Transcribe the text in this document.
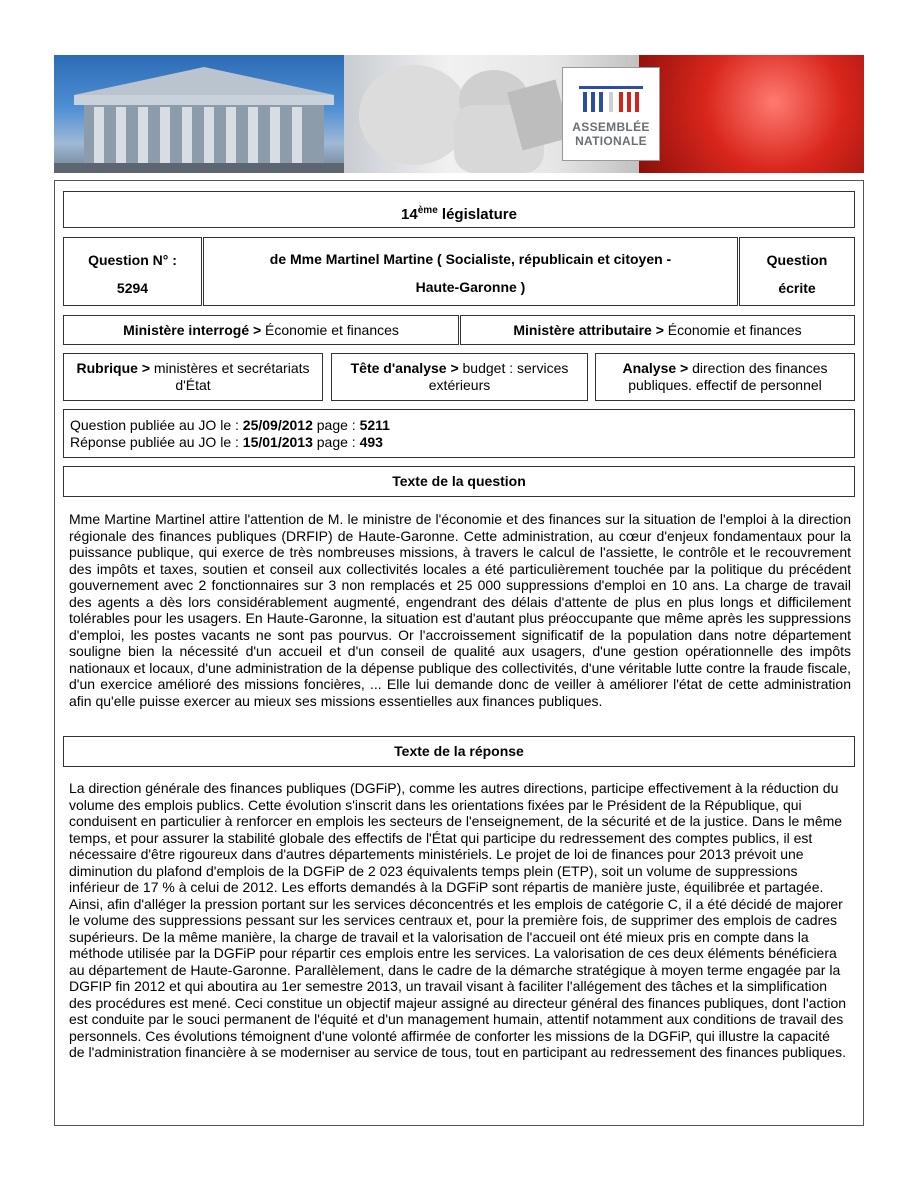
ASSEMBLÉE
NATIONALE
14ème législature
Question N° :
5294
de Mme Martinel Martine ( Socialiste, républicain et citoyen - Haute-Garonne )
Question
écrite
Ministère interrogé > Économie et finances	Ministère attributaire > Économie et finances
Rubrique > ministères et secrétariats d'État
Tête d'analyse > budget : services extérieurs
Analyse > direction des finances publiques. effectif de personnel
Question publiée au JO le : 25/09/2012 page : 5211
Réponse publiée au JO le : 15/01/2013 page : 493
Texte de la question
Mme Martine Martinel attire l'attention de M. le ministre de l'économie et des finances sur la situation de l'emploi à la direction régionale des finances publiques (DRFIP) de Haute-Garonne. Cette administration, au cœur d'enjeux fondamentaux pour la puissance publique, qui exerce de très nombreuses missions, à travers le calcul de l'assiette, le contrôle et le recouvrement des impôts et taxes, soutien et conseil aux collectivités locales a été particulièrement touchée par la politique du précédent gouvernement avec 2 fonctionnaires sur 3 non remplacés et 25 000 suppressions d'emploi en 10 ans. La charge de travail des agents a dès lors considérablement augmenté, engendrant des délais d'attente de plus en plus longs et difficilement tolérables pour les usagers. En Haute-Garonne, la situation est d'autant plus préoccupante que même après les suppressions d'emploi, les postes vacants ne sont pas pourvus. Or l'accroissement significatif de la population dans notre département souligne bien la nécessité d'un accueil et d'un conseil de qualité aux usagers, d'une gestion opérationnelle des impôts nationaux et locaux, d'une administration de la dépense publique des collectivités, d'une véritable lutte contre la fraude fiscale, d'un exercice amélioré des missions foncières, ... Elle lui demande donc de veiller à améliorer l'état de cette administration afin qu'elle puisse exercer au mieux ses missions essentielles aux finances publiques.
Texte de la réponse
La direction générale des finances publiques (DGFiP), comme les autres directions, participe effectivement à la réduction du volume des emplois publics. Cette évolution s'inscrit dans les orientations fixées par le Président de la République, qui conduisent en particulier à renforcer en emplois les secteurs de l'enseignement, de la sécurité et de la justice. Dans le même temps, et pour assurer la stabilité globale des effectifs de l'État qui participe du redressement des comptes publics, il est nécessaire d'être rigoureux dans d'autres départements ministériels. Le projet de loi de finances pour 2013 prévoit une diminution du plafond d'emplois de la DGFiP de 2 023 équivalents temps plein (ETP), soit un volume de suppressions inférieur de 17 % à celui de 2012. Les efforts demandés à la DGFiP sont répartis de manière juste, équilibrée et partagée. Ainsi, afin d'alléger la pression portant sur les services déconcentrés et les emplois de catégorie C, il a été décidé de majorer le volume des suppressions pessant sur les services centraux et, pour la première fois, de supprimer des emplois de cadres supérieurs. De la même manière, la charge de travail et la valorisation de l'accueil ont été mieux pris en compte dans la méthode utilisée par la DGFiP pour répartir ces emplois entre les services. La valorisation de ces deux éléments bénéficiera au département de Haute-Garonne. Parallèlement, dans le cadre de la démarche stratégique à moyen terme engagée par la DGFIP fin 2012 et qui aboutira au 1er semestre 2013, un travail visant à faciliter l'allégement des tâches et la simplification des procédures est mené. Ceci constitue un objectif majeur assigné au directeur général des finances publiques, dont l'action est conduite par le souci permanent de l'équité et d'un management humain, attentif notamment aux conditions de travail des personnels. Ces évolutions témoignent d'une volonté affirmée de conforter les missions de la DGFiP, qui illustre la capacité de l'administration financière à se moderniser au service de tous, tout en participant au redressement des finances publiques.
